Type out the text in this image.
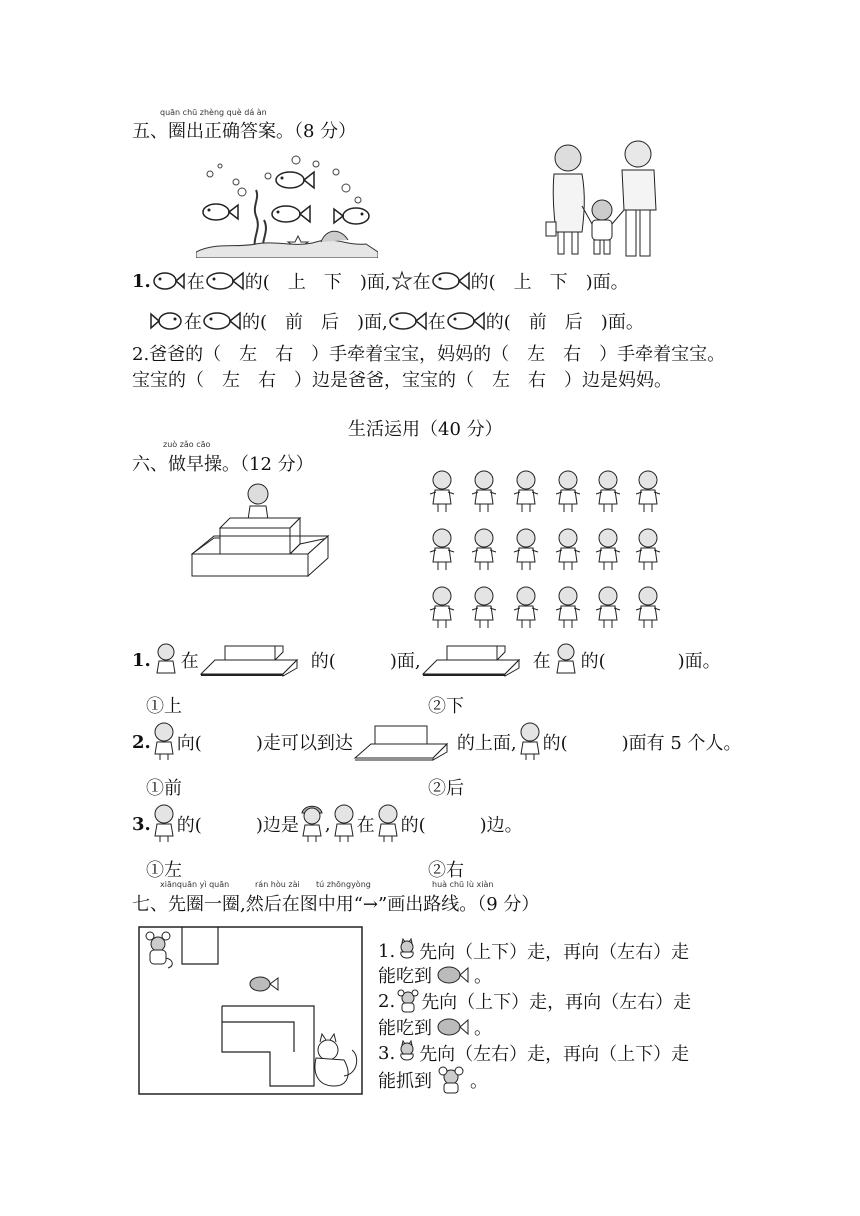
quān chū zhèng què dá àn
五、圈出正确答案。（8 分）
1. 在 的(　上　下　)面, 在 的(　上　下　)面。
在 的(　前　后　)面, 在 的(　前　后　)面。
2.爸爸的（　左　右　）手牵着宝宝，妈妈的（　左　右　）手牵着宝宝。
宝宝的（　左　右　）边是爸爸，宝宝的（　左　右　）边是妈妈。
生活运用（40 分）
zuò zǎo cāo
六、做早操。（12 分）
1. 在	的(　　　)面,	在 的(　　　　)面。
①上	②下
2. 向(　　　)走可以到达	的上面, 的(　　　)面有 5 个人。
①前	②后
3. 的(　　　)边是 , 在 的(　　　)边。
①左	②右
xiānquān yì quān	rán hòu zài tú zhōngyòng	huà chū lù xiàn
七、先圈一圈,然后在图中用“→”画出路线。（9 分）
1. 先向（上下）走，再向（左右）走
能吃到 。
2. 先向（上下）走，再向（左右）走
能吃到 。
3. 先向（左右）走，再向（上下）走
能抓到 。
